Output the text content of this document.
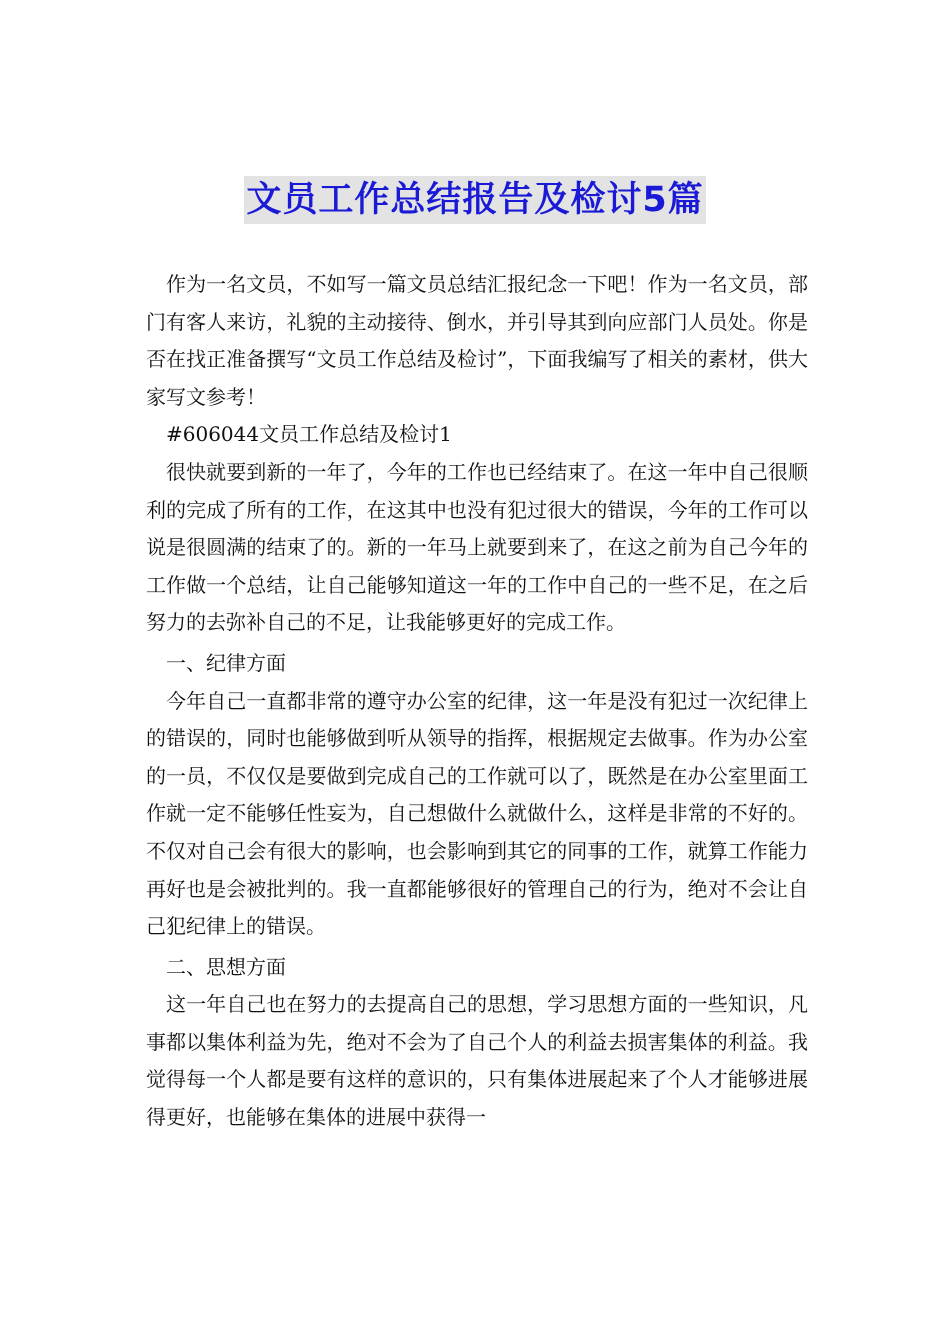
文员工作总结报告及检讨5篇

作为一名文员，不如写一篇文员总结汇报纪念一下吧！作为一名文员，部门有客人来访，礼貌的主动接待、倒水，并引导其到向应部门人员处。你是否在找正准备撰写“文员工作总结及检讨”，下面我编写了相关的素材，供大家写文参考！

#606044文员工作总结及检讨1

很快就要到新的一年了，今年的工作也已经结束了。在这一年中自己很顺利的完成了所有的工作，在这其中也没有犯过很大的错误，今年的工作可以说是很圆满的结束了的。新的一年马上就要到来了，在这之前为自己今年的工作做一个总结，让自己能够知道这一年的工作中自己的一些不足，在之后努力的去弥补自己的不足，让我能够更好的完成工作。

一、纪律方面

今年自己一直都非常的遵守办公室的纪律，这一年是没有犯过一次纪律上的错误的，同时也能够做到听从领导的指挥，根据规定去做事。作为办公室的一员，不仅仅是要做到完成自己的工作就可以了，既然是在办公室里面工作就一定不能够任性妄为，自己想做什么就做什么，这样是非常的不好的。不仅对自己会有很大的影响，也会影响到其它的同事的工作，就算工作能力再好也是会被批判的。我一直都能够很好的管理自己的行为，绝对不会让自己犯纪律上的错误。

二、思想方面

这一年自己也在努力的去提高自己的思想，学习思想方面的一些知识，凡事都以集体利益为先，绝对不会为了自己个人的利益去损害集体的利益。我觉得每一个人都是要有这样的意识的，只有集体进展起来了个人才能够进展得更好，也能够在集体的进展中获得一
